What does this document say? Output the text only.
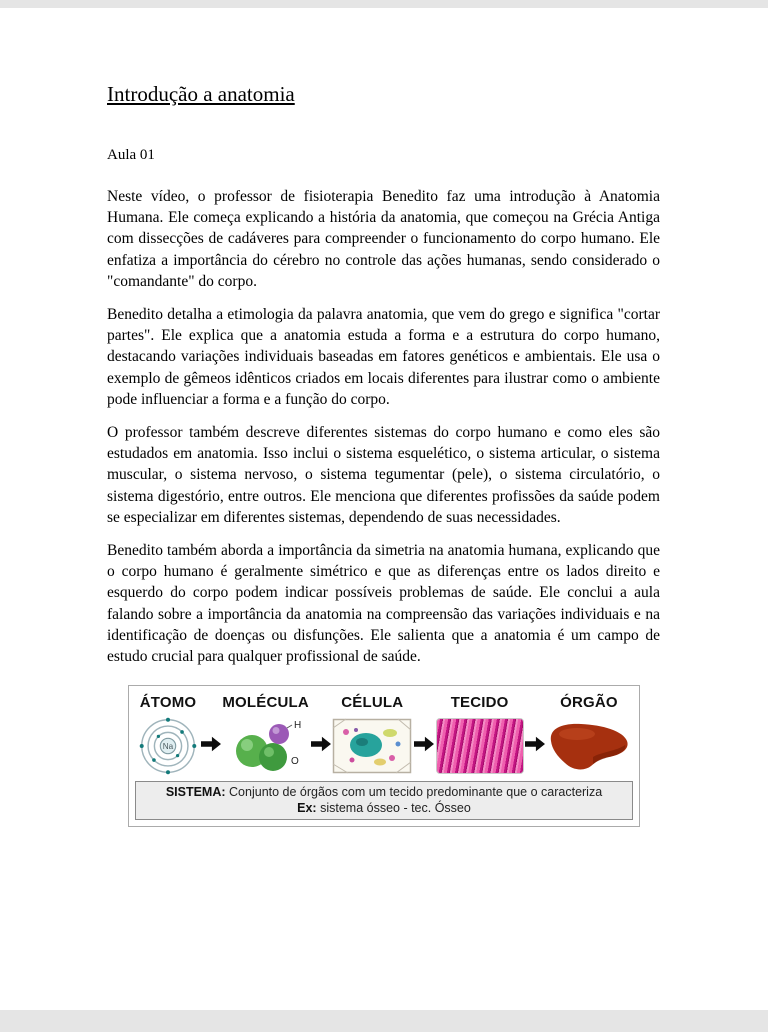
Introdução a anatomia

Aula 01

Neste vídeo, o professor de fisioterapia Benedito faz uma introdução à Anatomia Humana. Ele começa explicando a história da anatomia, que começou na Grécia Antiga com dissecções de cadáveres para compreender o funcionamento do corpo humano. Ele enfatiza a importância do cérebro no controle das ações humanas, sendo considerado o "comandante" do corpo.

Benedito detalha a etimologia da palavra anatomia, que vem do grego e significa "cortar partes". Ele explica que a anatomia estuda a forma e a estrutura do corpo humano, destacando variações individuais baseadas em fatores genéticos e ambientais. Ele usa o exemplo de gêmeos idênticos criados em locais diferentes para ilustrar como o ambiente pode influenciar a forma e a função do corpo.

O professor também descreve diferentes sistemas do corpo humano e como eles são estudados em anatomia. Isso inclui o sistema esquelético, o sistema articular, o sistema muscular, o sistema nervoso, o sistema tegumentar (pele), o sistema circulatório, o sistema digestório, entre outros. Ele menciona que diferentes profissões da saúde podem se especializar em diferentes sistemas, dependendo de suas necessidades.

Benedito também aborda a importância da simetria na anatomia humana, explicando que o corpo humano é geralmente simétrico e que as diferenças entre os lados direito e esquerdo do corpo podem indicar possíveis problemas de saúde. Ele conclui a aula falando sobre a importância da anatomia na compreensão das variações individuais e na identificação de doenças ou disfunções. Ele salienta que a anatomia é um campo de estudo crucial para qualquer profissional de saúde.

ÁTOMO
Na
MOLÉCULA
H
O
CÉLULA	TECIDO	ÓRGÃO
SISTEMA: Conjunto de órgãos com um tecido predominante que o caracteriza
Ex: sistema ósseo - tec. Ósseo
